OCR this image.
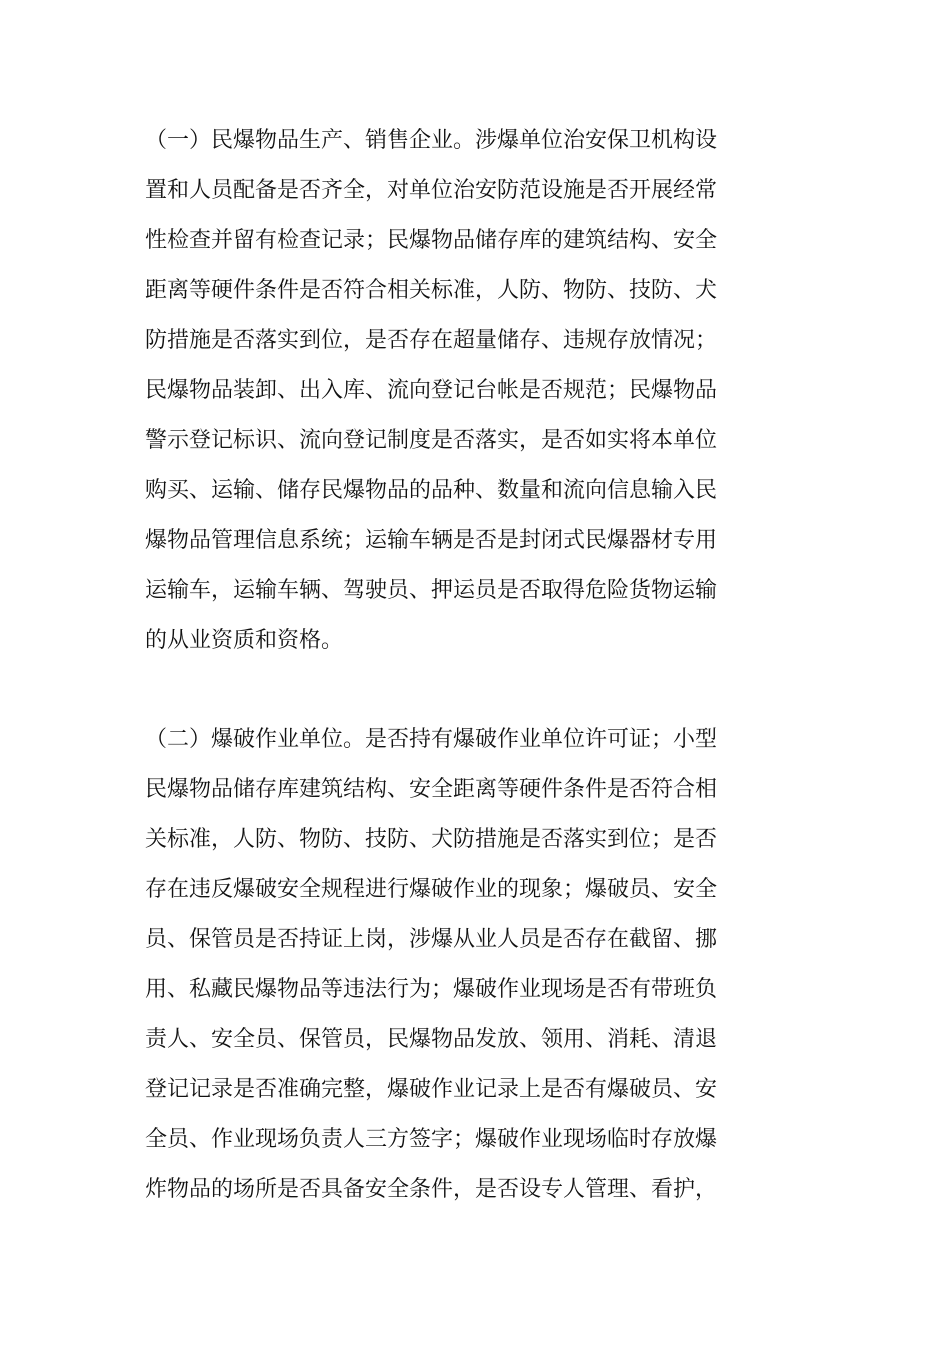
（一）民爆物品生产、销售企业。涉爆单位治安保卫机构设
置和人员配备是否齐全，对单位治安防范设施是否开展经常
性检查并留有检查记录；民爆物品储存库的建筑结构、安全
距离等硬件条件是否符合相关标准，人防、物防、技防、犬
防措施是否落实到位，是否存在超量储存、违规存放情况；
民爆物品装卸、出入库、流向登记台帐是否规范；民爆物品
警示登记标识、流向登记制度是否落实，是否如实将本单位
购买、运输、储存民爆物品的品种、数量和流向信息输入民
爆物品管理信息系统；运输车辆是否是封闭式民爆器材专用
运输车，运输车辆、驾驶员、押运员是否取得危险货物运输
的从业资质和资格。
（二）爆破作业单位。是否持有爆破作业单位许可证；小型
民爆物品储存库建筑结构、安全距离等硬件条件是否符合相
关标准，人防、物防、技防、犬防措施是否落实到位；是否
存在违反爆破安全规程进行爆破作业的现象；爆破员、安全
员、保管员是否持证上岗，涉爆从业人员是否存在截留、挪
用、私藏民爆物品等违法行为；爆破作业现场是否有带班负
责人、安全员、保管员，民爆物品发放、领用、消耗、清退
登记记录是否准确完整，爆破作业记录上是否有爆破员、安
全员、作业现场负责人三方签字；爆破作业现场临时存放爆
炸物品的场所是否具备安全条件，是否设专人管理、看护，
